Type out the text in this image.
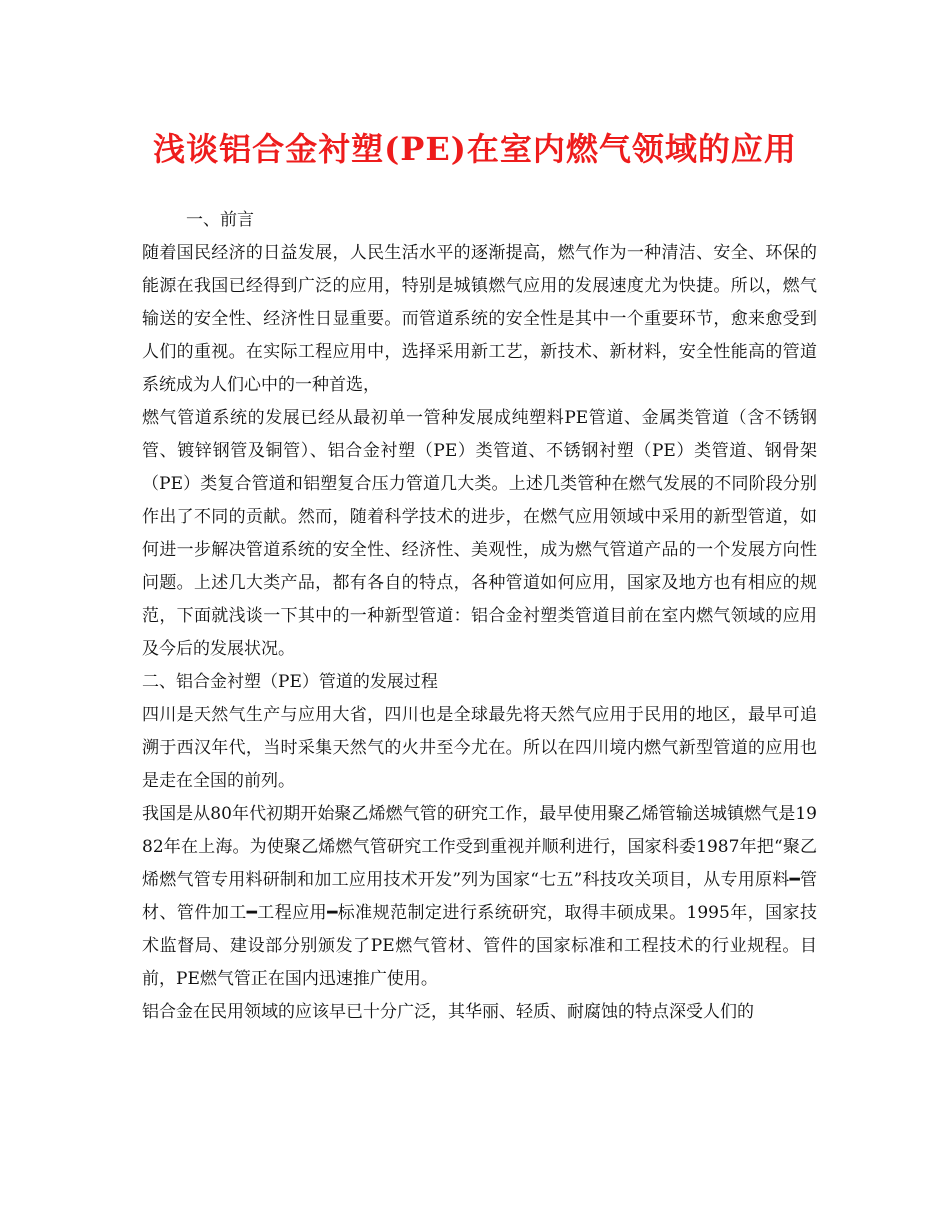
浅谈铝合金衬塑(PE)在室内燃气领域的应用

一、前言

随着国民经济的日益发展，人民生活水平的逐渐提高，燃气作为一种清洁、安全、环保的能源在我国已经得到广泛的应用，特别是城镇燃气应用的发展速度尤为快捷。所以，燃气输送的安全性、经济性日显重要。而管道系统的安全性是其中一个重要环节，愈来愈受到人们的重视。在实际工程应用中，选择采用新工艺，新技术、新材料，安全性能高的管道系统成为人们心中的一种首选，

燃气管道系统的发展已经从最初单一管种发展成纯塑料PE管道、金属类管道（含不锈钢管、镀锌钢管及铜管）、铝合金衬塑（PE）类管道、不锈钢衬塑（PE）类管道、钢骨架（PE）类复合管道和铝塑复合压力管道几大类。上述几类管种在燃气发展的不同阶段分别作出了不同的贡献。然而，随着科学技术的进步，在燃气应用领域中采用的新型管道，如何进一步解决管道系统的安全性、经济性、美观性，成为燃气管道产品的一个发展方向性问题。上述几大类产品，都有各自的特点，各种管道如何应用，国家及地方也有相应的规范，下面就浅谈一下其中的一种新型管道：铝合金衬塑类管道目前在室内燃气领域的应用及今后的发展状况。

二、铝合金衬塑（PE）管道的发展过程

四川是天然气生产与应用大省，四川也是全球最先将天然气应用于民用的地区，最早可追溯于西汉年代，当时采集天然气的火井至今尤在。所以在四川境内燃气新型管道的应用也是走在全国的前列。

我国是从80年代初期开始聚乙烯燃气管的研究工作，最早使用聚乙烯管输送城镇燃气是1982年在上海。为使聚乙烯燃气管研究工作受到重视并顺利进行，国家科委1987年把“聚乙烯燃气管专用料研制和加工应用技术开发”列为国家“七五”科技攻关项目，从专用原料━管材、管件加工━工程应用━标准规范制定进行系统研究，取得丰硕成果。1995年，国家技术监督局、建设部分别颁发了PE燃气管材、管件的国家标准和工程技术的行业规程。目前，PE燃气管正在国内迅速推广使用。

铝合金在民用领域的应该早已十分广泛，其华丽、轻质、耐腐蚀的特点深受人们的
